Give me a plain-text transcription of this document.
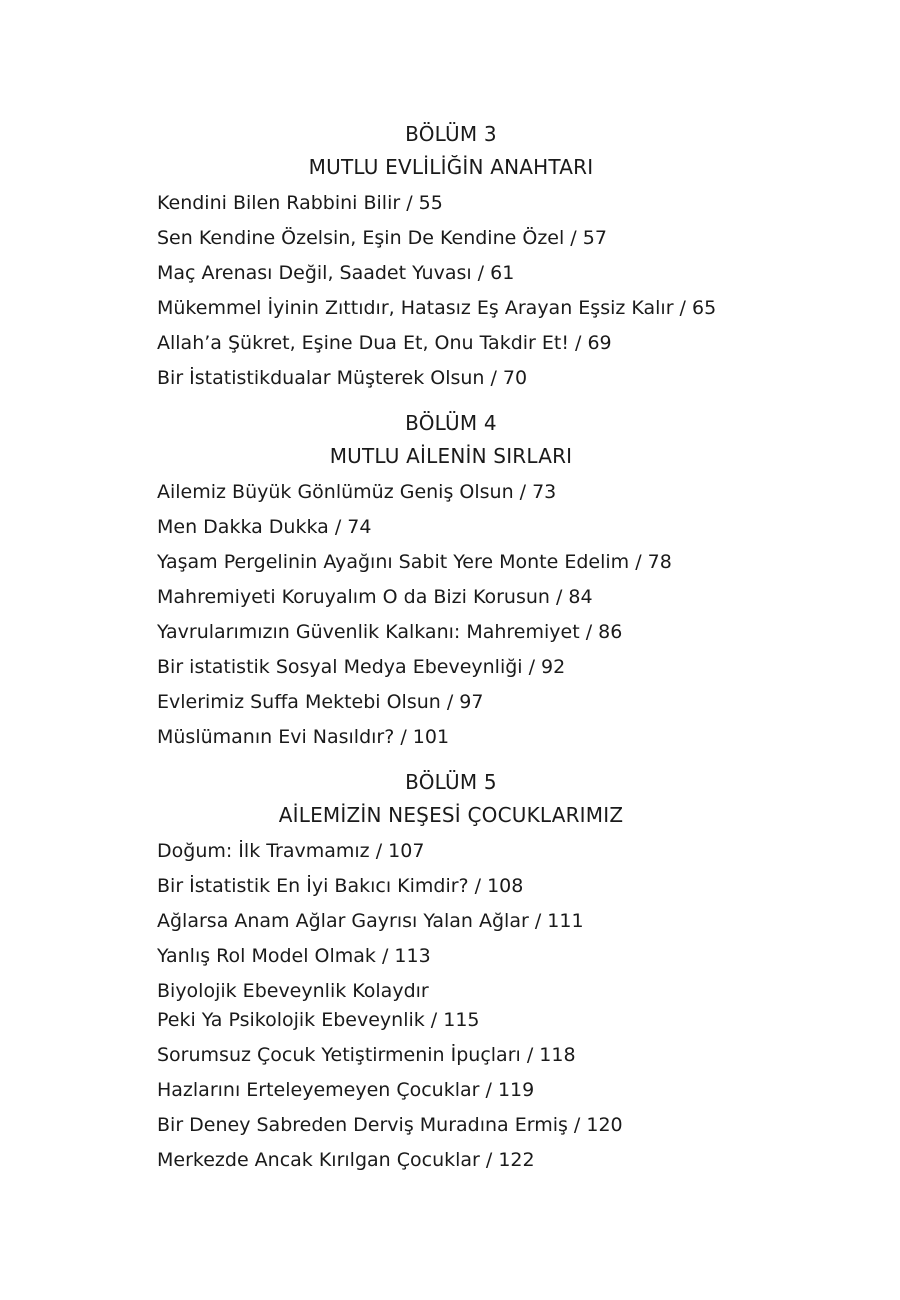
BÖLÜM 3
MUTLU EVLİLİĞİN ANAHTARI
Kendini Bilen Rabbini Bilir / 55
Sen Kendine Özelsin, Eşin De Kendine Özel / 57
Maç Arenası Değil, Saadet Yuvası / 61
Mükemmel İyinin Zıttıdır, Hatasız Eş Arayan Eşsiz Kalır / 65
Allah’a Şükret, Eşine Dua Et, Onu Takdir Et! / 69
Bir İstatistikdualar Müşterek Olsun / 70
BÖLÜM 4
MUTLU AİLENİN SIRLARI
Ailemiz Büyük Gönlümüz Geniş Olsun / 73
Men Dakka Dukka / 74
Yaşam Pergelinin Ayağını Sabit Yere Monte Edelim / 78
Mahremiyeti Koruyalım O da Bizi Korusun / 84
Yavrularımızın Güvenlik Kalkanı: Mahremiyet / 86
Bir istatistik Sosyal Medya Ebeveynliği / 92
Evlerimiz Suffa Mektebi Olsun / 97
Müslümanın Evi Nasıldır? / 101
BÖLÜM 5
AİLEMİZİN NEŞESİ ÇOCUKLARIMIZ
Doğum: İlk Travmamız / 107
Bir İstatistik En İyi Bakıcı Kimdir? / 108
Ağlarsa Anam Ağlar Gayrısı Yalan Ağlar / 111
Yanlış Rol Model Olmak / 113
Biyolojik Ebeveynlik Kolaydır
Peki Ya Psikolojik Ebeveynlik / 115
Sorumsuz Çocuk Yetiştirmenin İpuçları / 118
Hazlarını Erteleyemeyen Çocuklar / 119
Bir Deney Sabreden Derviş Muradına Ermiş / 120
Merkezde Ancak Kırılgan Çocuklar / 122
